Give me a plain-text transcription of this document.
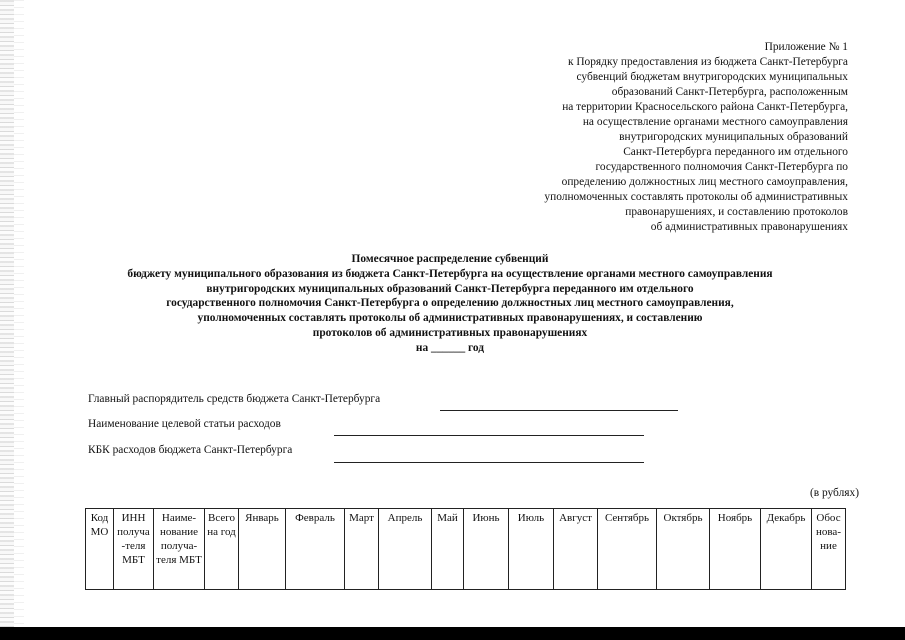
Приложение № 1
к Порядку предоставления из бюджета Санкт-Петербурга
субвенций бюджетам внутригородских муниципальных
образований Санкт-Петербурга, расположенным
на территории Красносельского района Санкт-Петербурга,
на осуществление органами местного самоуправления
внутригородских муниципальных образований
Санкт-Петербурга переданного им отдельного
государственного полномочия Санкт-Петербурга по
определению должностных лиц местного самоуправления,
уполномоченных составлять протоколы об административных
правонарушениях, и составлению протоколов
об административных правонарушениях
Помесячное распределение субвенций
бюджету муниципального образования из бюджета Санкт-Петербурга на осуществление органами местного самоуправления
внутригородских муниципальных образований Санкт-Петербурга переданного им отдельного
государственного полномочия Санкт-Петербурга о определению должностных лиц местного самоуправления,
уполномоченных составлять протоколы об административных правонарушениях, и составлению
протоколов об административных правонарушениях
на ______ год
Главный распорядитель средств бюджета Санкт-Петербурга
Наименование целевой статьи расходов
КБК расходов бюджета Санкт-Петербурга
(в рублях)
Код МО	ИНН получа -теля МБТ	Наиме- нование получа- теля МБТ	Всего на год	Январь	Февраль	Март	Апрель	Май	Июнь	Июль	Август	Сентябрь	Октябрь	Ноябрь	Декабрь	Обос нова- ние
